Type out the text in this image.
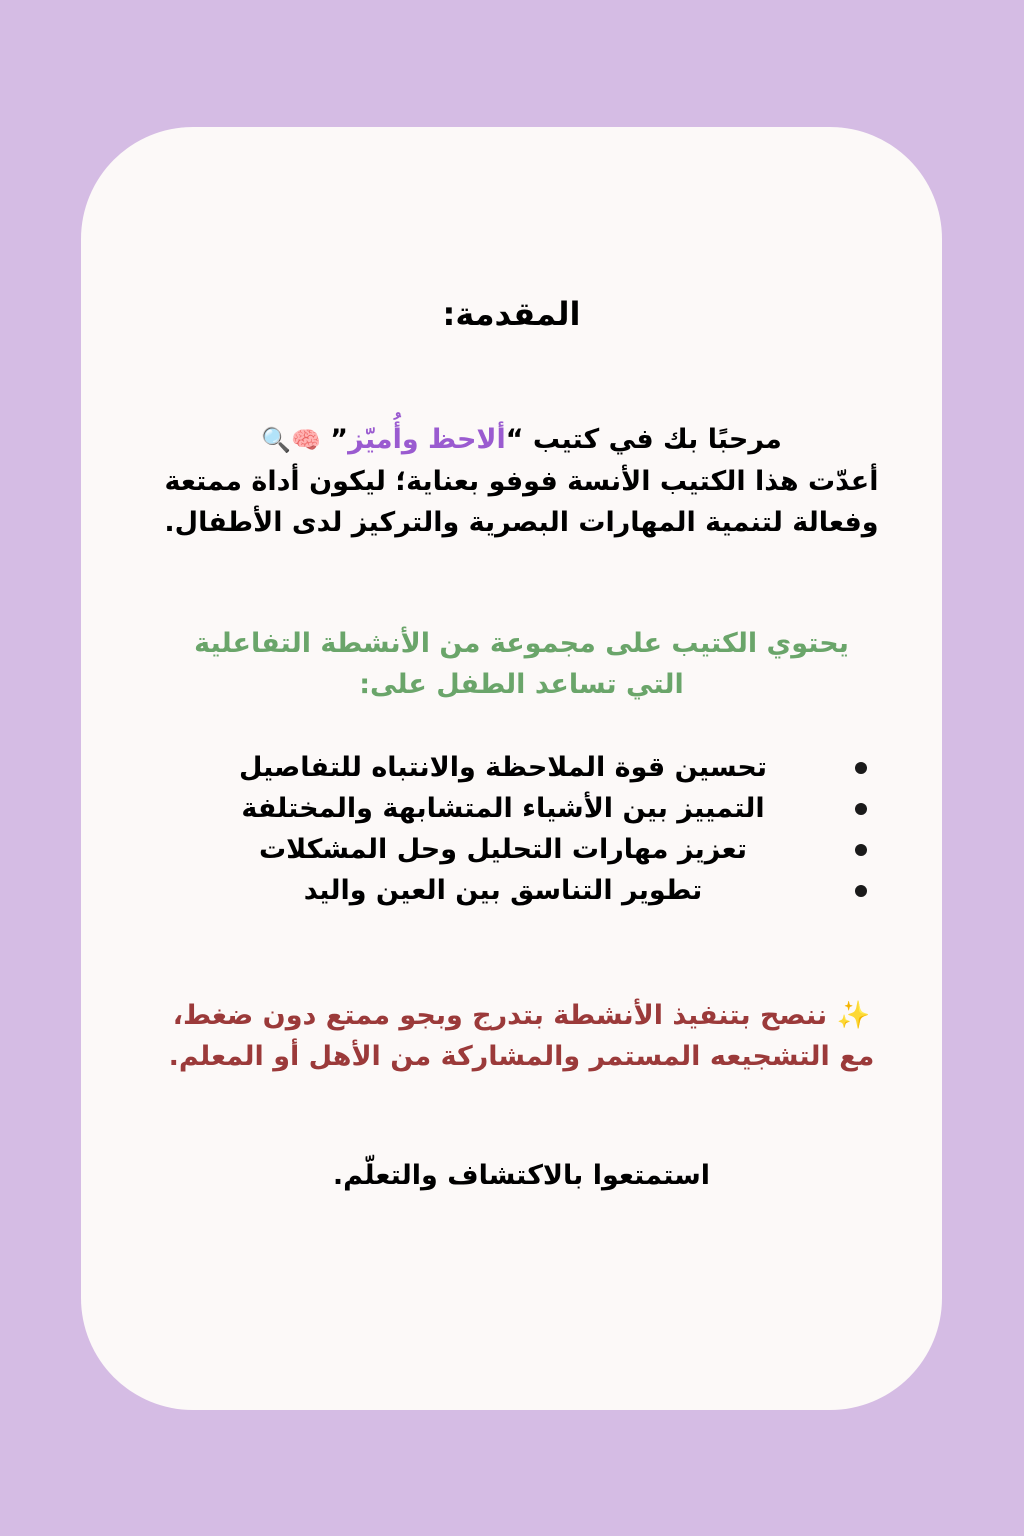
المقدمة:
مرحبًا بك في كتيب “ألاحظ وأُميّز” 🧠🔍
أعدّت هذا الكتيب الأنسة فوفو بعناية؛ ليكون أداة ممتعة وفعالة لتنمية المهارات البصرية والتركيز لدى الأطفال.
يحتوي الكتيب على مجموعة من الأنشطة التفاعلية التي تساعد الطفل على:
تحسين قوة الملاحظة والانتباه للتفاصيل
التمييز بين الأشياء المتشابهة والمختلفة
تعزيز مهارات التحليل وحل المشكلات
تطوير التناسق بين العين واليد
✨ ننصح بتنفيذ الأنشطة بتدرج وبجو ممتع دون ضغط، مع التشجيعه المستمر والمشاركة من الأهل أو المعلم.
استمتعوا بالاكتشاف والتعلّم.
